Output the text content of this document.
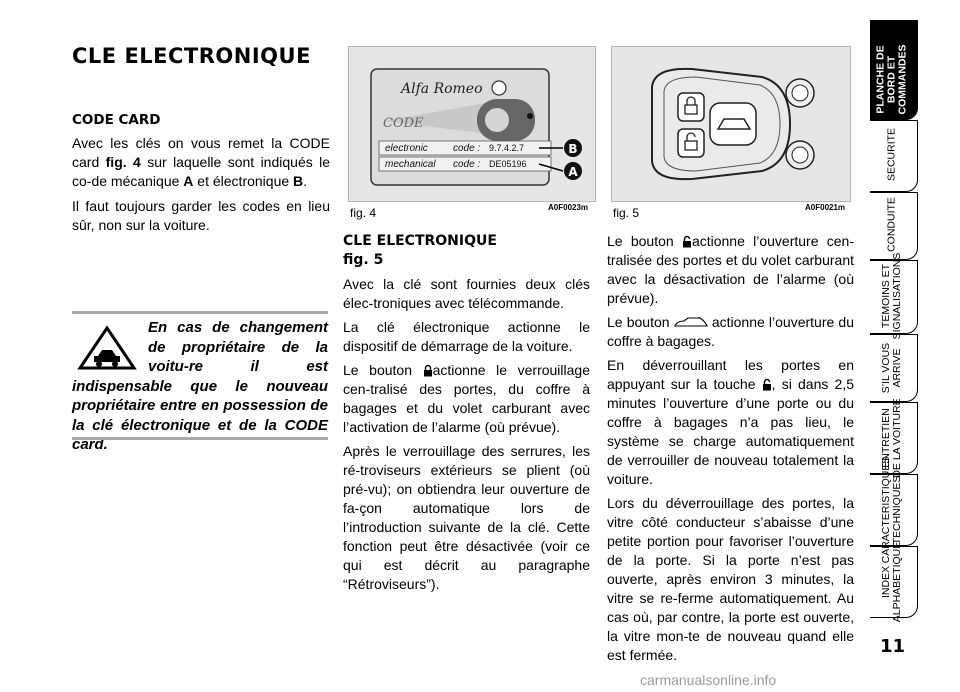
CLE ELECTRONIQUE
CODE CARD

Avec les clés on vous remet la CODE card fig. 4 sur laquelle sont indiqués le co-de mécanique A et électronique B.

Il faut toujours garder les codes en lieu sûr, non sur la voiture.

En cas de changement de propriétaire de la voitu-re il est indispensable que le nouveau propriétaire entre en possession de la clé électronique et de la CODE card.
Alfa Romeo
CODE
electronic	code : 9.7.4.2.7
mechanical code : DE05196
B
A
fig. 4	A0F0023m fig. 5	A0F0021m
CLE ELECTRONIQUE
fig. 5

Avec la clé sont fournies deux clés élec-troniques avec télécommande.

La clé électronique actionne le dispositif de démarrage de la voiture.

Le bouton actionne le verrouillage cen-tralisé des portes, du coffre à bagages et du volet carburant avec l’activation de l’alarme (où prévue).

Après le verrouillage des serrures, les ré-troviseurs extérieurs se plient (où pré-vu); on obtiendra leur ouverture de fa-çon automatique lors de l’introduction suivante de la clé. Cette fonction peut être désactivée (voir ce qui est décrit au paragraphe “Rétroviseurs”).

Le bouton actionne l’ouverture cen-tralisée des portes et du volet carburant avec la désactivation de l’alarme (où prévue).

Le bouton  actionne l’ouverture du coffre à bagages.

En déverrouillant les portes en appuyant sur la touche , si dans 2,5 minutes l’ouverture d’une porte ou du coffre à bagages n’a pas lieu, le système se charge automatiquement de verrouiller de nouveau totalement la voiture.

Lors du déverrouillage des portes, la vitre côté conducteur s’abaisse d’une petite portion pour favoriser l’ouverture de la porte. Si la porte n’est pas ouverte, après environ 3 minutes, la vitre se re-ferme automatiquement. Au cas où, par contre, la porte est ouverte, la vitre mon-te de nouveau quand elle est fermée.

PLANCHE DE
BORD ET
COMMANDES
SECURITE
CONDUITE
TEMOINS ET
SIGNALISATIONS
S’IL VOUS
ARRIVE
ENTRETIEN
DE LA VOITURE
CARACTERISTIQUES
TECHNIQUES
INDEX
ALPHABETIQUE
11
carmanualsonline.info
